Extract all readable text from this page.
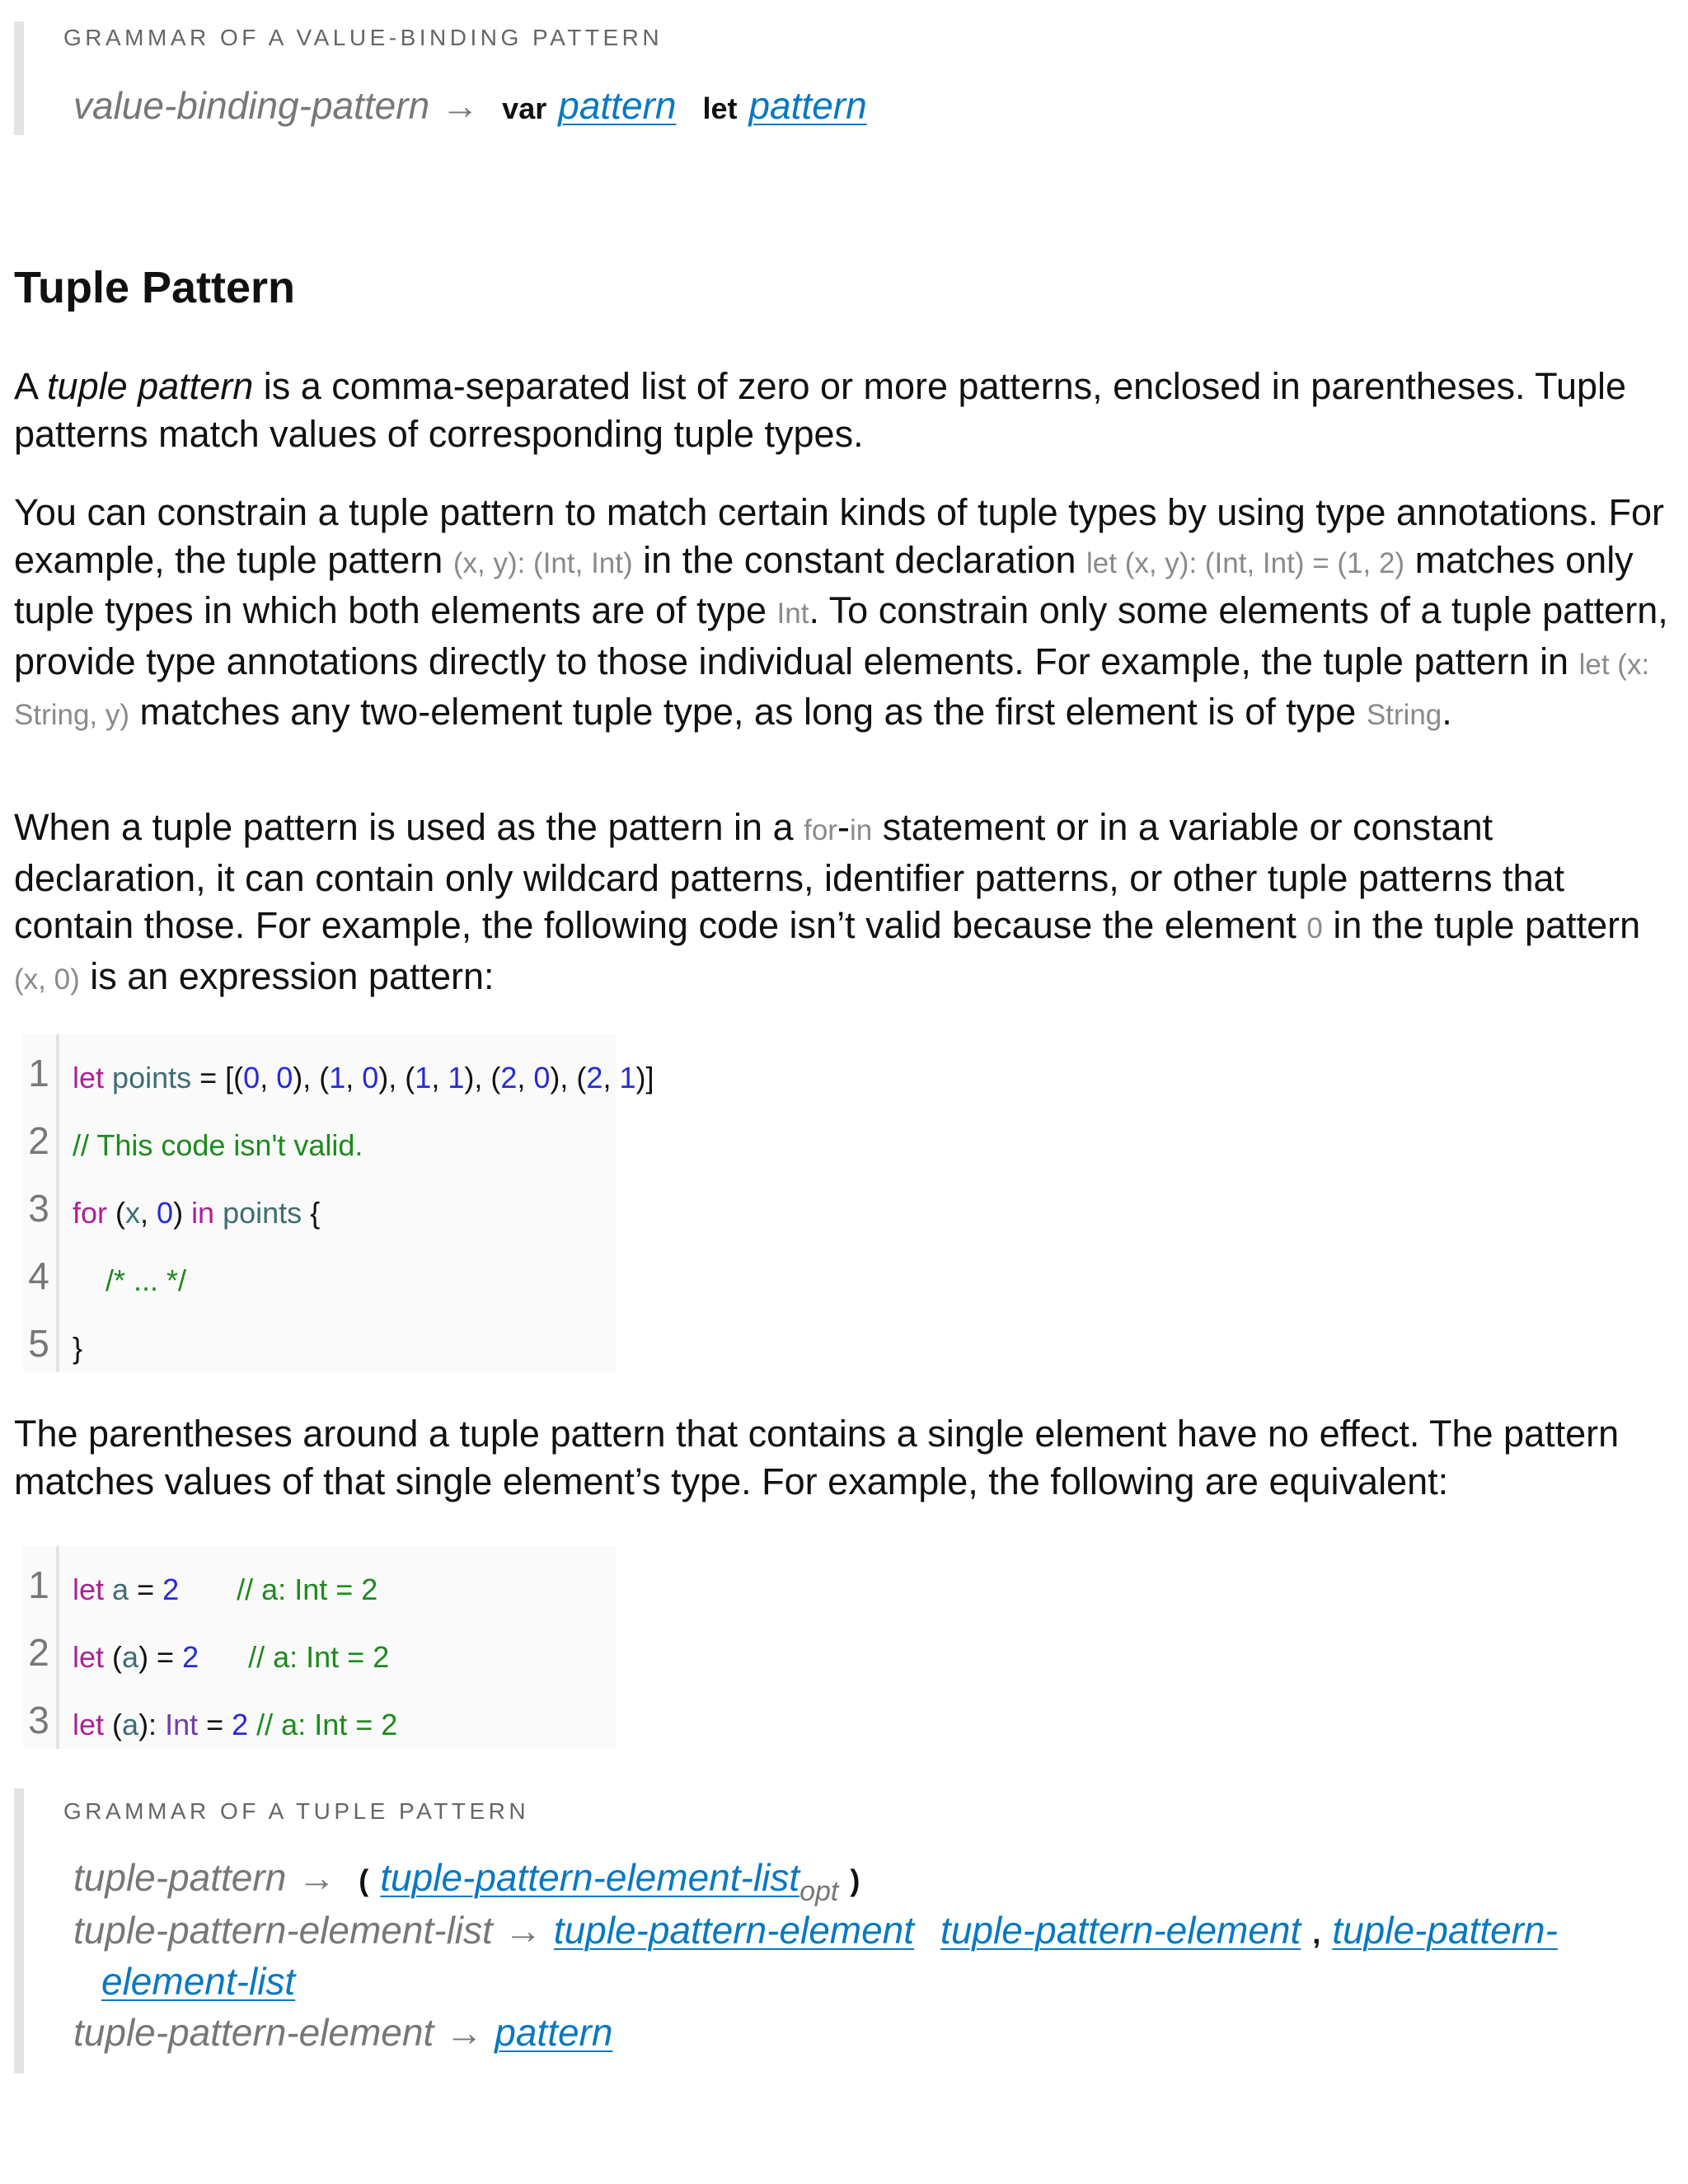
GRAMMAR OF A VALUE-BINDING PATTERN
value-binding-pattern → var pattern let pattern
Tuple Pattern

A tuple pattern is a comma-separated list of zero or more patterns, enclosed in parentheses. Tuple patterns match values of corresponding tuple types.

You can constrain a tuple pattern to match certain kinds of tuple types by using type annotations. For example, the tuple pattern (x, y): (Int, Int) in the constant declaration let (x, y): (Int, Int) = (1, 2) matches only tuple types in which both elements are of type Int. To constrain only some elements of a tuple pattern, provide type annotations directly to those individual elements. For example, the tuple pattern in let (x: String, y) matches any two-element tuple type, as long as the first element is of type String.

When a tuple pattern is used as the pattern in a for-in statement or in a variable or constant declaration, it can contain only wildcard patterns, identifier patterns, or other tuple patterns that contain those. For example, the following code isn’t valid because the element 0 in the tuple pattern (x, 0) is an expression pattern:

1 let points = [(0, 0), (1, 0), (1, 1), (2, 0), (2, 1)]
2 // This code isn't valid.
3 for (x, 0) in points {
4 /* ... */
5 }

The parentheses around a tuple pattern that contains a single element have no effect. The pattern matches values of that single element’s type. For example, the following are equivalent:

1 let a = 2 // a: Int = 2
2 let (a) = 2 // a: Int = 2
3 let (a): Int = 2 // a: Int = 2
GRAMMAR OF A TUPLE PATTERN
tuple-pattern → ( tuple-pattern-element-list$_{opt}$ )
tuple-pattern-element-list → tuple-pattern-element tuple-pattern-element , tuple-pattern-
element-list
tuple-pattern-element → pattern
